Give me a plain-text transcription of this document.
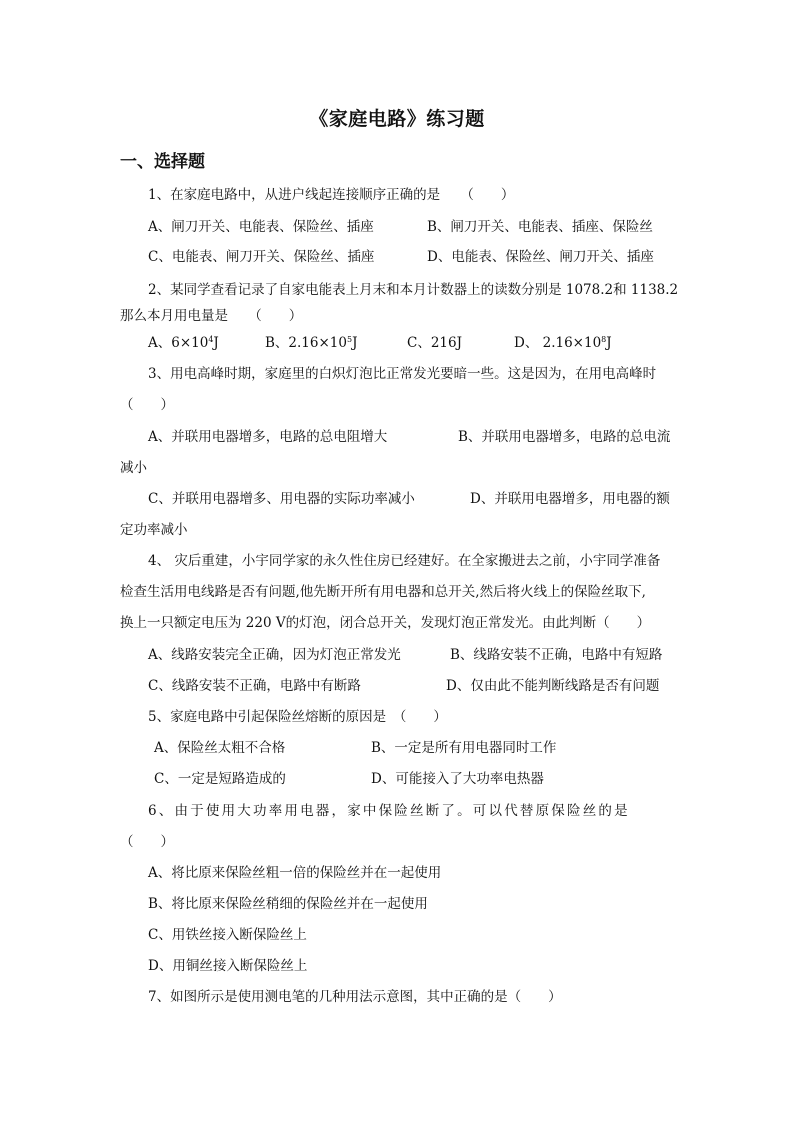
《家庭电路》练习题
一、选择题
1、在家庭电路中，从进户线起连接顺序正确的是　　（　　）
A、闸刀开关、电能表、保险丝、插座	B、闸刀开关、电能表、插座、保险丝
C、电能表、闸刀开关、保险丝、插座	D、电能表、保险丝、闸刀开关、插座
2、某同学查看记录了自家电能表上月末和本月计数器上的读数分别是 1078.2和 1138.2
那么本月用电量是　　（　　）
A、$6\times 10^4J$	B、$2.16\times 10^5J$	C、216J	D、 $2.16\times 10^8J$
3、用电高峰时期，家庭里的白炽灯泡比正常发光要暗一些。这是因为，在用电高峰时
（　　）
A、并联用电器增多，电路的总电阻增大	B、并联用电器增多，电路的总电流
减小
C、并联用电器增多、用电器的实际功率减小	D、并联用电器增多，用电器的额
定功率减小
4、 灾后重建，小宇同学家的永久性住房已经建好。在全家搬进去之前，小宇同学准备
检查生活用电线路是否有问题,他先断开所有用电器和总开关,然后将火线上的保险丝取下,
换上一只额定电压为 220 V的灯泡，闭合总开关，发现灯泡正常发光。由此判断（　　）
A、线路安装完全正确，因为灯泡正常发光	B、线路安装不正确，电路中有短路
C、线路安装不正确，电路中有断路	D、仅由此不能判断线路是否有问题
5、家庭电路中引起保险丝熔断的原因是　（　　）
A、保险丝太粗不合格	B、一定是所有用电器同时工作
C、一定是短路造成的	D、可能接入了大功率电热器
6、由于使用大功率用电器，家中保险丝断了。可以代替原保险丝的是
（　　）
A、将比原来保险丝粗一倍的保险丝并在一起使用
B、将比原来保险丝稍细的保险丝并在一起使用
C、用铁丝接入断保险丝上
D、用铜丝接入断保险丝上
7、如图所示是使用测电笔的几种用法示意图，其中正确的是（　　）
